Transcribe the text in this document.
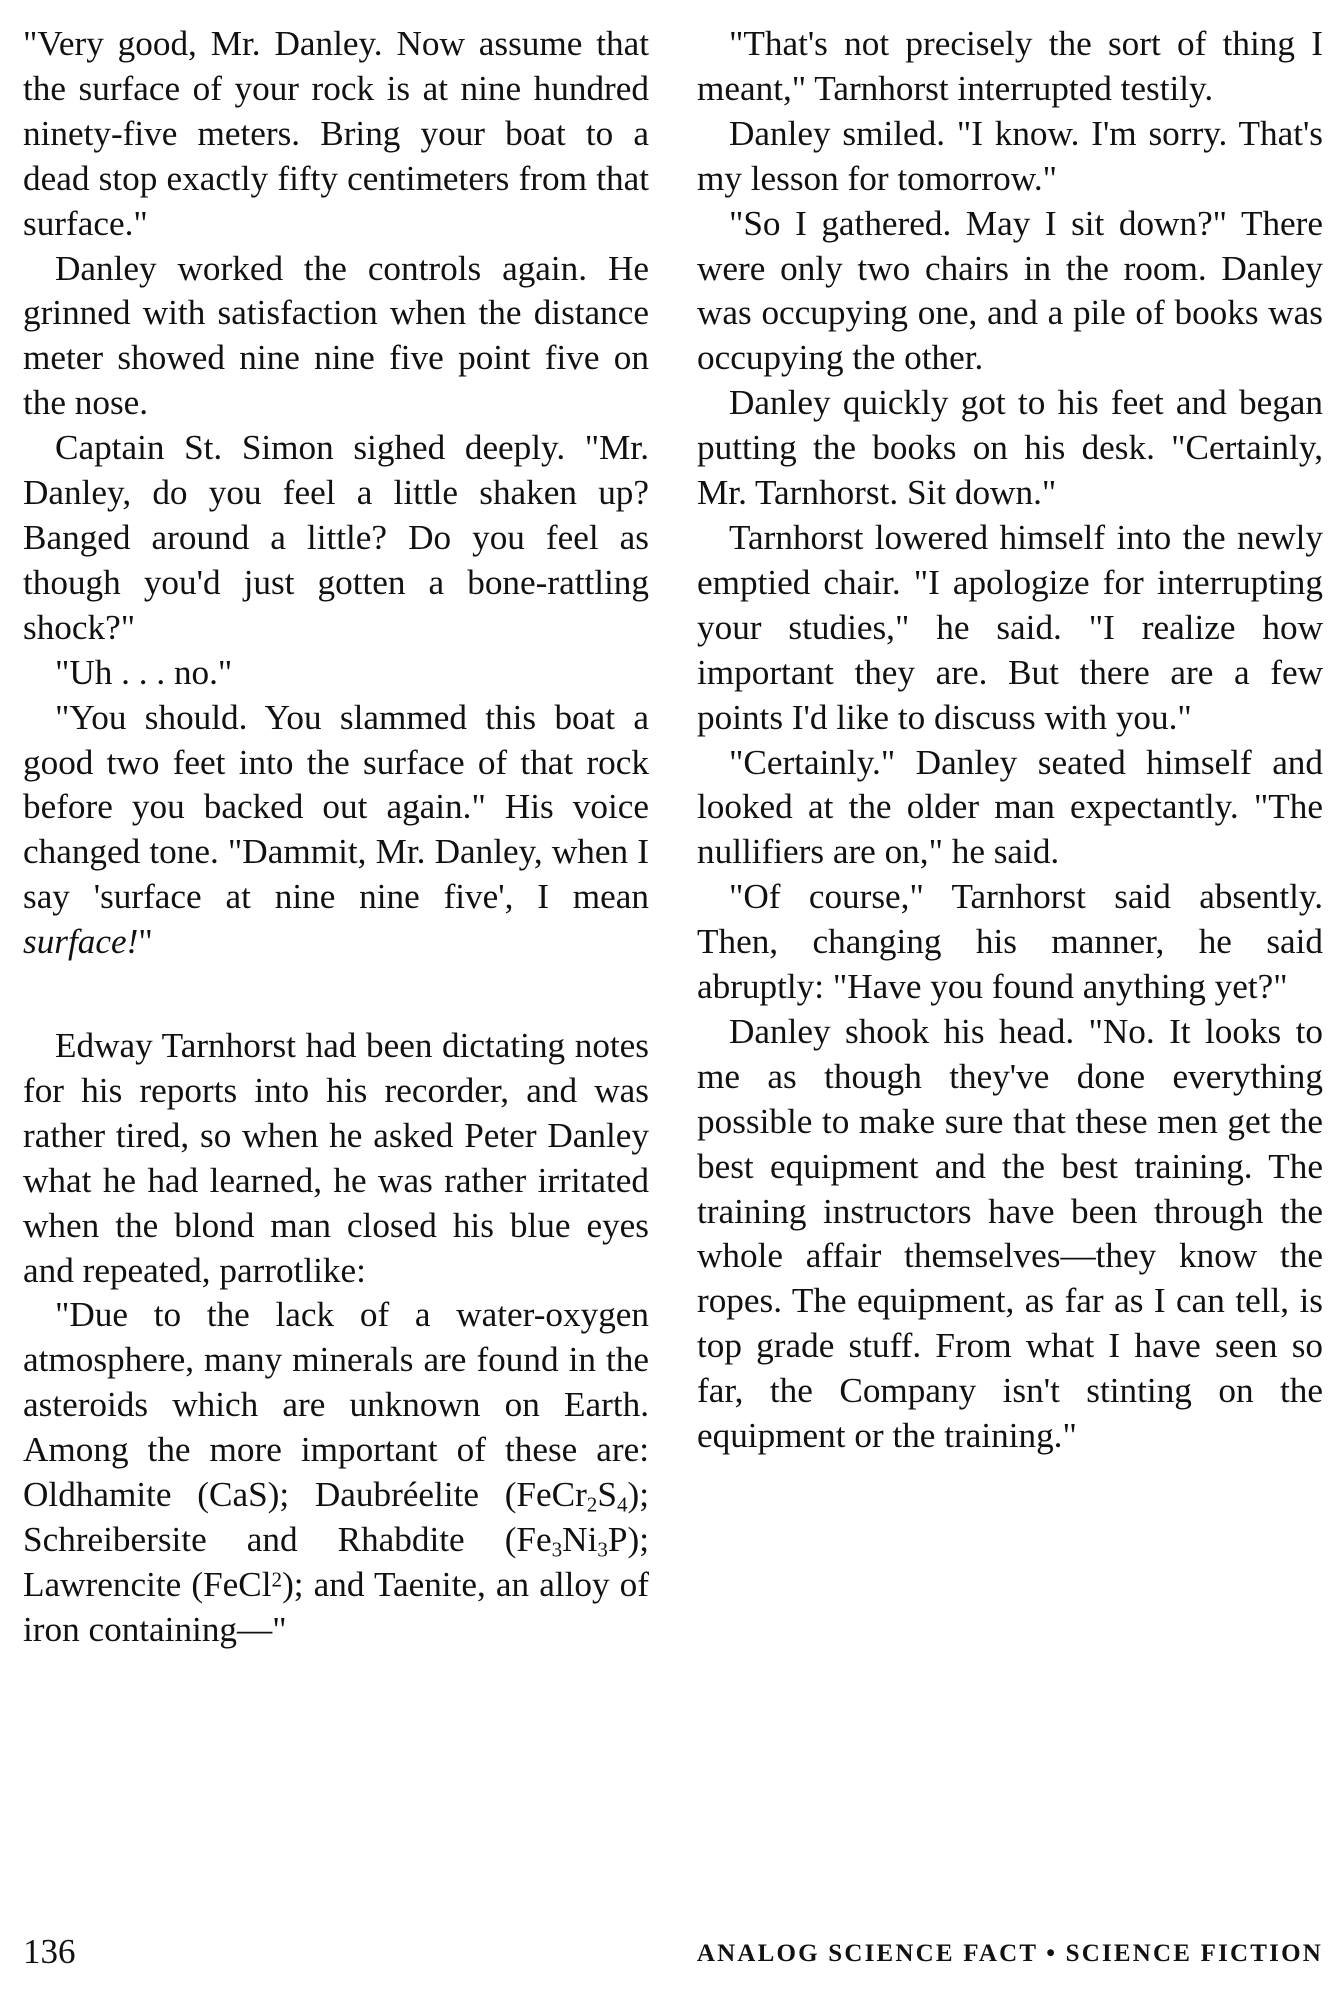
"Very good, Mr. Danley. Now assume that the surface of your rock is at nine hundred ninety-five meters. Bring your boat to a dead stop exactly fifty centimeters from that surface."

Danley worked the controls again. He grinned with satisfaction when the distance meter showed nine nine five point five on the nose.

Captain St. Simon sighed deeply. "Mr. Danley, do you feel a little shaken up? Banged around a little? Do you feel as though you'd just gotten a bone-rattling shock?"

"Uh . . . no."

"You should. You slammed this boat a good two feet into the surface of that rock before you backed out again." His voice changed tone. "Dammit, Mr. Danley, when I say 'surface at nine nine five', I mean surface!"

Edway Tarnhorst had been dictating notes for his reports into his recorder, and was rather tired, so when he asked Peter Danley what he had learned, he was rather irritated when the blond man closed his blue eyes and repeated, parrotlike:

"Due to the lack of a water-oxygen atmosphere, many minerals are found in the asteroids which are unknown on Earth. Among the more important of these are: Oldhamite (CaS); Daubréelite $(FeCr_2S_4)$; Schreibersite and Rhabdite $(Fe_3Ni_3P)$; Lawrencite (FeCl$^2$); and Taenite, an alloy of iron containing—"

"That's not precisely the sort of thing I meant," Tarnhorst interrupted testily.

Danley smiled. "I know. I'm sorry. That's my lesson for tomorrow."

"So I gathered. May I sit down?" There were only two chairs in the room. Danley was occupying one, and a pile of books was occupying the other.

Danley quickly got to his feet and began putting the books on his desk. "Certainly, Mr. Tarnhorst. Sit down."

Tarnhorst lowered himself into the newly emptied chair. "I apologize for interrupting your studies," he said. "I realize how important they are. But there are a few points I'd like to discuss with you."

"Certainly." Danley seated himself and looked at the older man expectantly. "The nullifiers are on," he said.

"Of course," Tarnhorst said absently. Then, changing his manner, he said abruptly: "Have you found anything yet?"

Danley shook his head. "No. It looks to me as though they've done everything possible to make sure that these men get the best equipment and the best training. The training instructors have been through the whole affair themselves—they know the ropes. The equipment, as far as I can tell, is top grade stuff. From what I have seen so far, the Company isn't stinting on the equipment or the training."

136	ANALOG SCIENCE FACT • SCIENCE FICTION
